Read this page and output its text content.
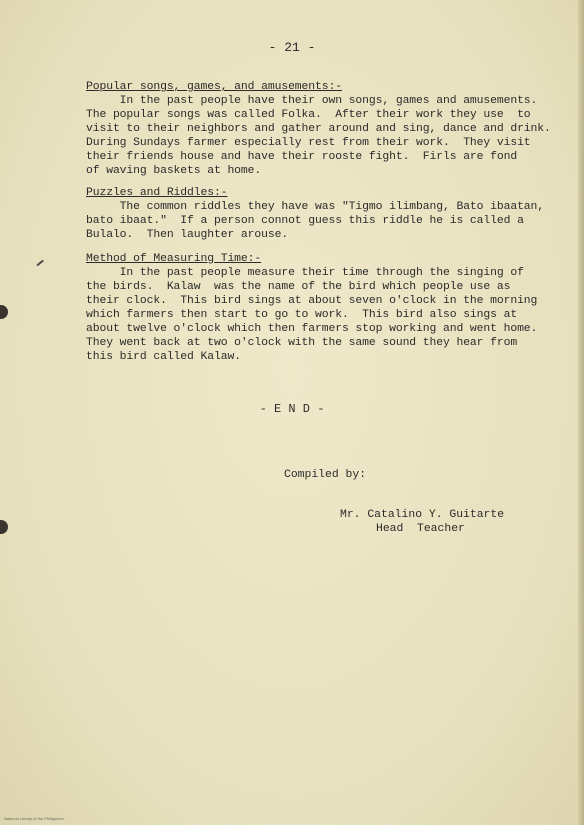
- 21 -
Popular songs, games, and amusements:-
In the past people have their own songs, games and amusements.
The popular songs was called Folka.  After their work they use  to
visit to their neighbors and gather around and sing, dance and drink.
During Sundays farmer especially rest from their work.  They visit
their friends house and have their rooste fight.  Firls are fond
of waving baskets at home.
Puzzles and Riddles:-
The common riddles they have was "Tigmo ilimbang, Bato ibaatan,
bato ibaat."  If a person connot guess this riddle he is called a
Bulalo.  Then laughter arouse.
Method of Measuring Time:-
In the past people measure their time through the singing of
the birds.  Kalaw  was the name of the bird which people use as
their clock.  This bird sings at about seven o'clock in the morning
which farmers then start to go to work.  This bird also sings at
about twelve o'clock which then farmers stop working and went home.
They went back at two o'clock with the same sound they hear from
this bird called Kalaw.
- E N D -
Compiled by:
Mr. Catalino Y. Guitarte
Head  Teacher
National Library of the Philippines
